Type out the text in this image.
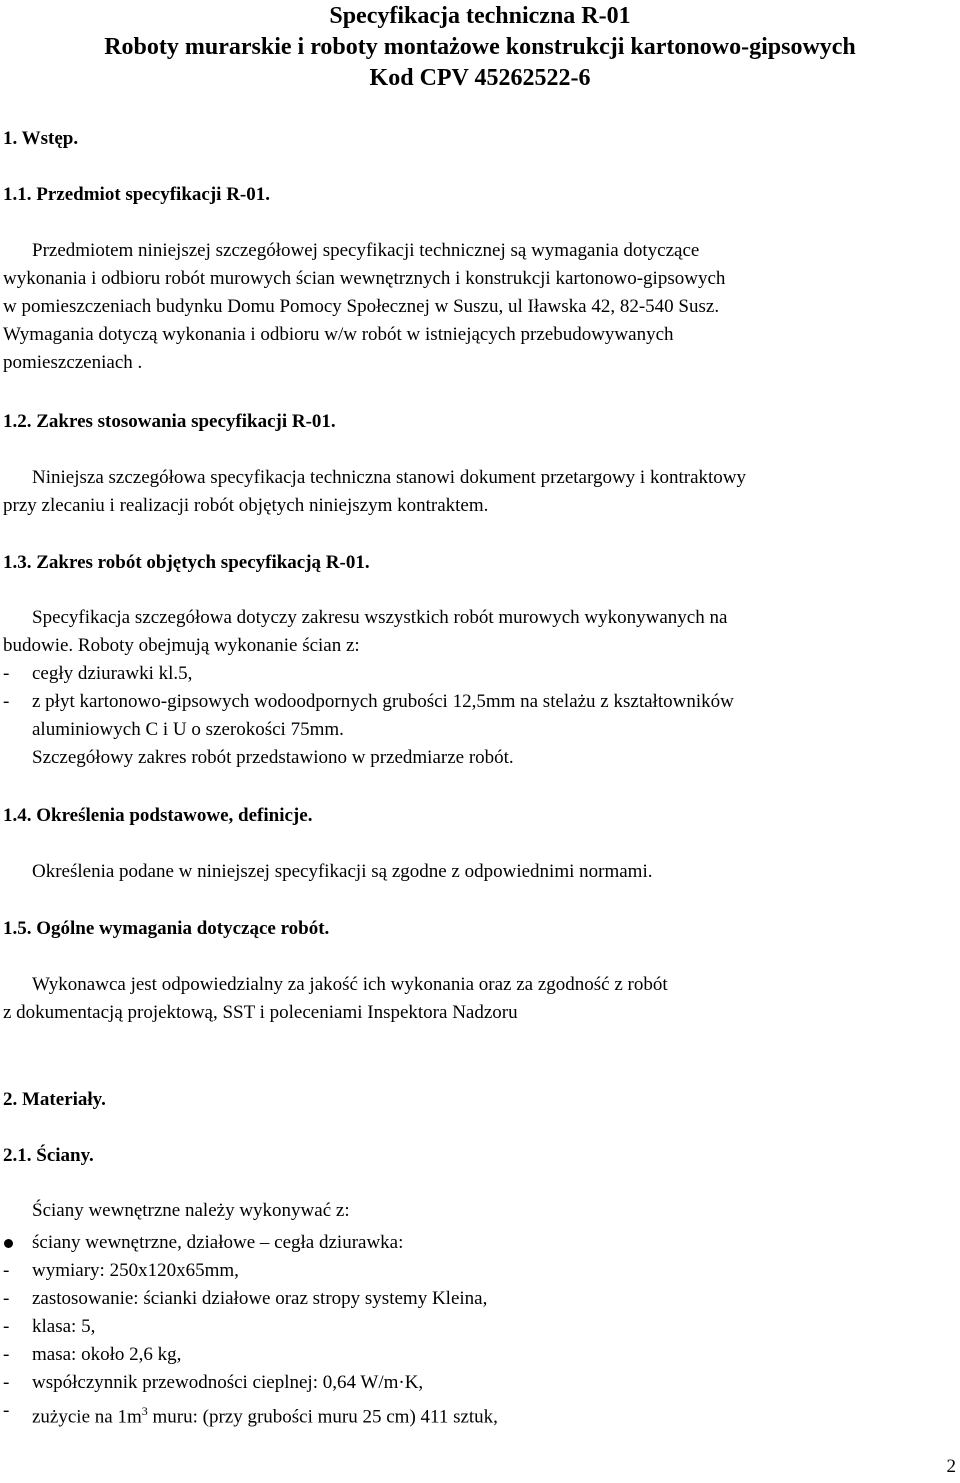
Specyfikacja techniczna R-01
Roboty murarskie i roboty montażowe konstrukcji kartonowo-gipsowych
Kod CPV 45262522-6

1. Wstęp.

1.1. Przedmiot specyfikacji R-01.

Przedmiotem niniejszej szczegółowej specyfikacji technicznej są wymagania dotyczące

wykonania i odbioru robót murowych ścian wewnętrznych i konstrukcji kartonowo-gipsowych

w pomieszczeniach budynku Domu Pomocy Społecznej w Suszu, ul Iławska 42, 82-540 Susz.

Wymagania dotyczą wykonania i odbioru w/w robót w istniejących przebudowywanych

pomieszczeniach .

1.2. Zakres stosowania specyfikacji R-01.

Niniejsza szczegółowa specyfikacja techniczna stanowi dokument przetargowy i kontraktowy

przy zlecaniu i realizacji robót objętych niniejszym kontraktem.

1.3. Zakres robót objętych specyfikacją R-01.

Specyfikacja szczegółowa dotyczy zakresu wszystkich robót murowych wykonywanych na

budowie. Roboty obejmują wykonanie ścian z:

- cegły dziurawki kl.5,
- z płyt kartonowo-gipsowych wodoodpornych grubości 12,5mm na stelażu z kształtowników
aluminiowych C i U o szerokości 75mm.

Szczegółowy zakres robót przedstawiono w przedmiarze robót.

1.4. Określenia podstawowe, definicje.

Określenia podane w niniejszej specyfikacji są zgodne z odpowiednimi normami.

1.5. Ogólne wymagania dotyczące robót.

Wykonawca jest odpowiedzialny za jakość ich wykonania oraz za zgodność z robót

z dokumentacją projektową, SST i poleceniami Inspektora Nadzoru

2. Materiały.

2.1. Ściany.

Ściany wewnętrzne należy wykonywać z:

ściany wewnętrzne, działowe – cegła dziurawka:
- wymiary: 250x120x65mm,
- zastosowanie: ścianki działowe oraz stropy systemy Kleina,
- klasa: 5,
- masa: około 2,6 kg,
- współczynnik przewodności cieplnej: 0,64 W/m·K,
- zużycie na $1m^3$ muru: (przy grubości muru 25 cm) 411 sztuk,
2
